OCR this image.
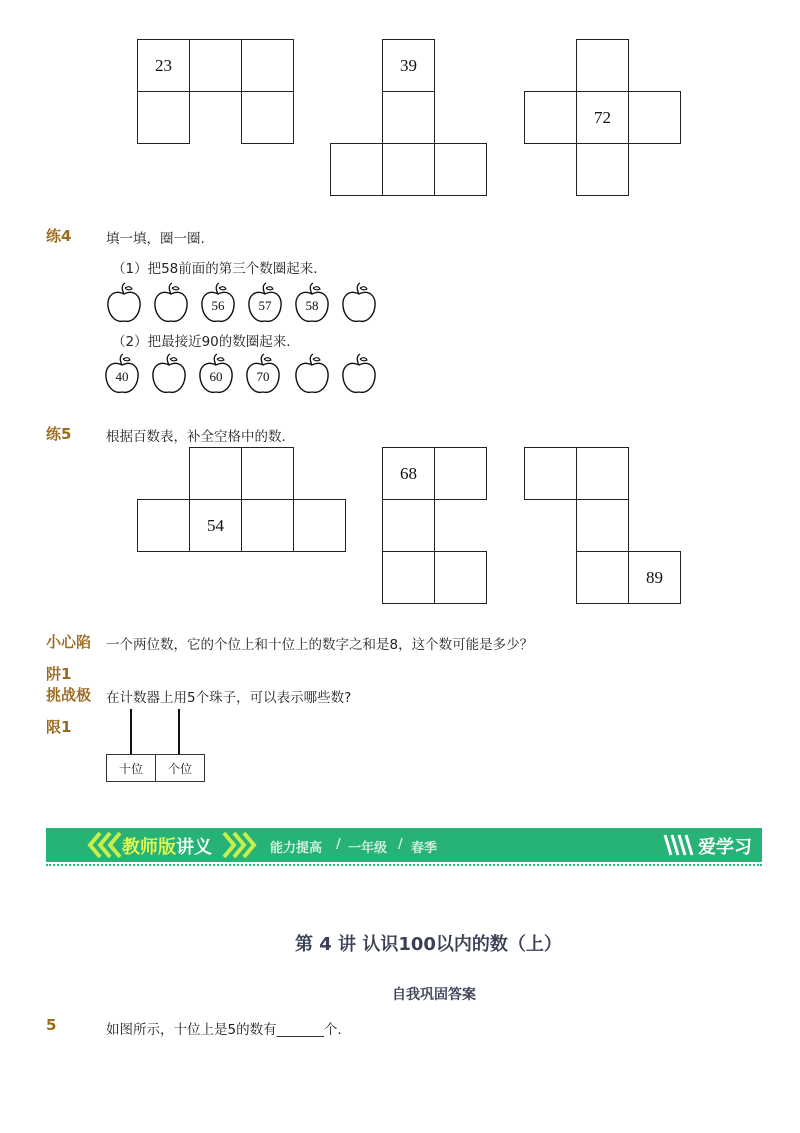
23	39
72
练4	填一填，圈一圈.
（1）把58前面的第三个数圈起来.
56	57	58
（2）把最接近90的数圈起来.
40	60	70
练5	根据百数表，补全空格中的数.
54
68
89
小心陷 一个两位数，它的个位上和十位上的数字之和是8，这个数可能是多少？
阱1
挑战极 在计数器上用5个珠子，可以表示哪些数?
限1
十位	个位
教师版讲义	能力提高 / 一年级 / 春季	爱学习
第 4 讲 认识100以内的数（上）
自我巩固答案
5	如图所示，十位上是5的数有_______个.
